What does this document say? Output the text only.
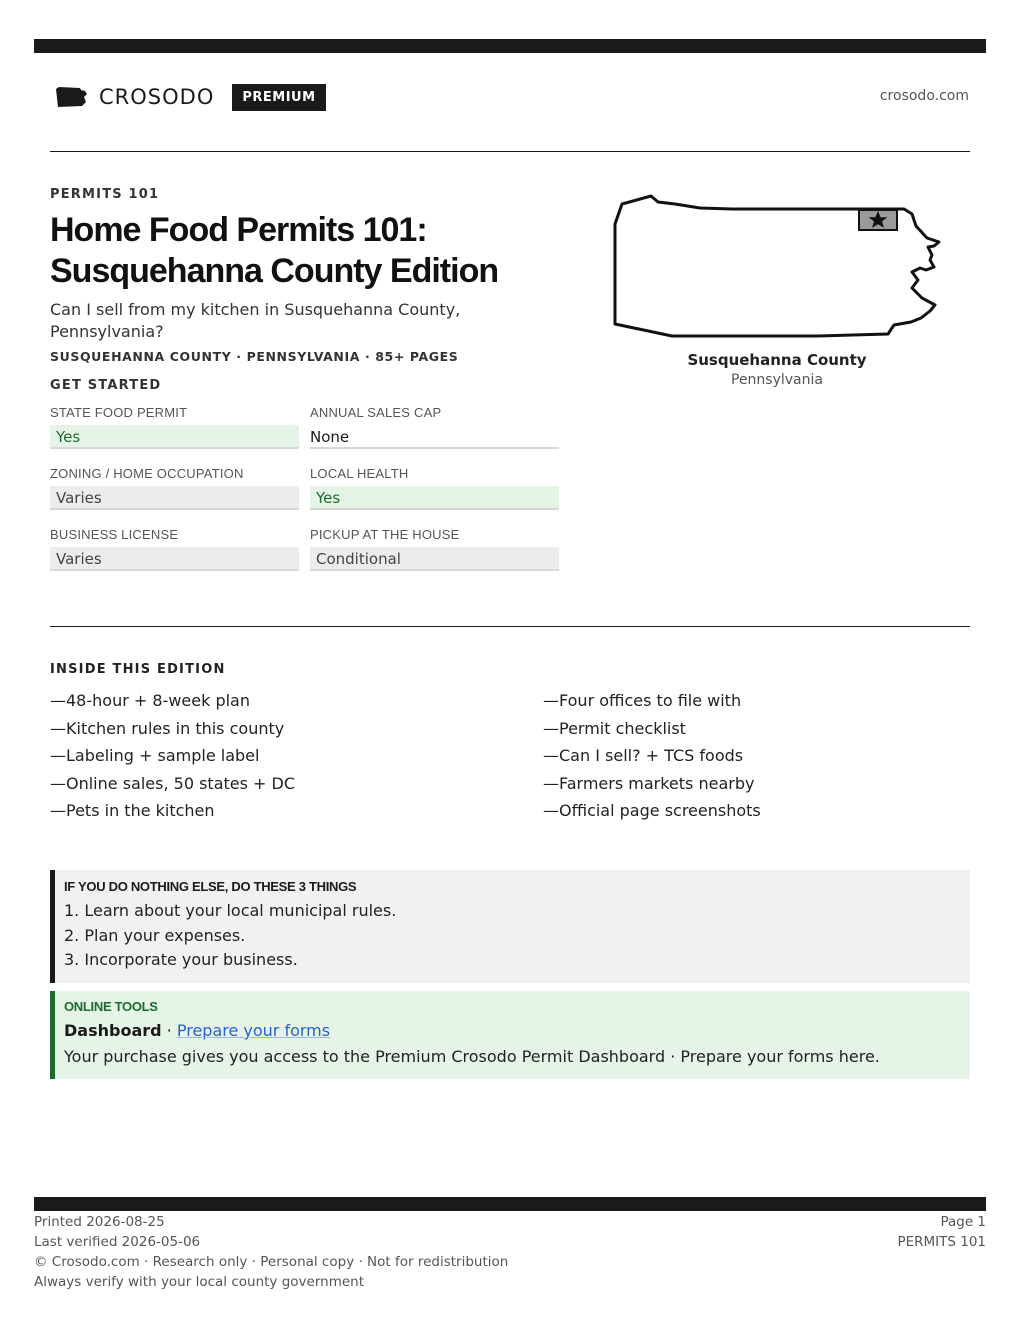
CROSODO	PREMIUM	crosodo.com
PERMITS 101
Home Food Permits 101:
Susquehanna County Edition
Can I sell from my kitchen in Susquehanna County, Pennsylvania?
SUSQUEHANNA COUNTY · PENNSYLVANIA · 85+ PAGES
GET STARTED
STATE FOOD PERMIT
Yes
ANNUAL SALES CAP
None
ZONING / HOME OCCUPATION
Varies
LOCAL HEALTH
Yes
BUSINESS LICENSE
Varies
PICKUP AT THE HOUSE
Conditional
Susquehanna County
Pennsylvania
INSIDE THIS EDITION
—48-hour + 8-week plan
—Kitchen rules in this county
—Labeling + sample label
—Online sales, 50 states + DC
—Pets in the kitchen
—Four offices to file with
—Permit checklist
—Can I sell? + TCS foods
—Farmers markets nearby
—Official page screenshots
IF YOU DO NOTHING ELSE, DO THESE 3 THINGS
1. Learn about your local municipal rules.
2. Plan your expenses.
3. Incorporate your business.
ONLINE TOOLS
Dashboard · Prepare your forms
Your purchase gives you access to the Premium Crosodo Permit Dashboard · Prepare your forms here.
Printed 2026-08-25
Last verified 2026-05-06
© Crosodo.com · Research only · Personal copy · Not for redistribution
Always verify with your local county government
Page 1
PERMITS 101
